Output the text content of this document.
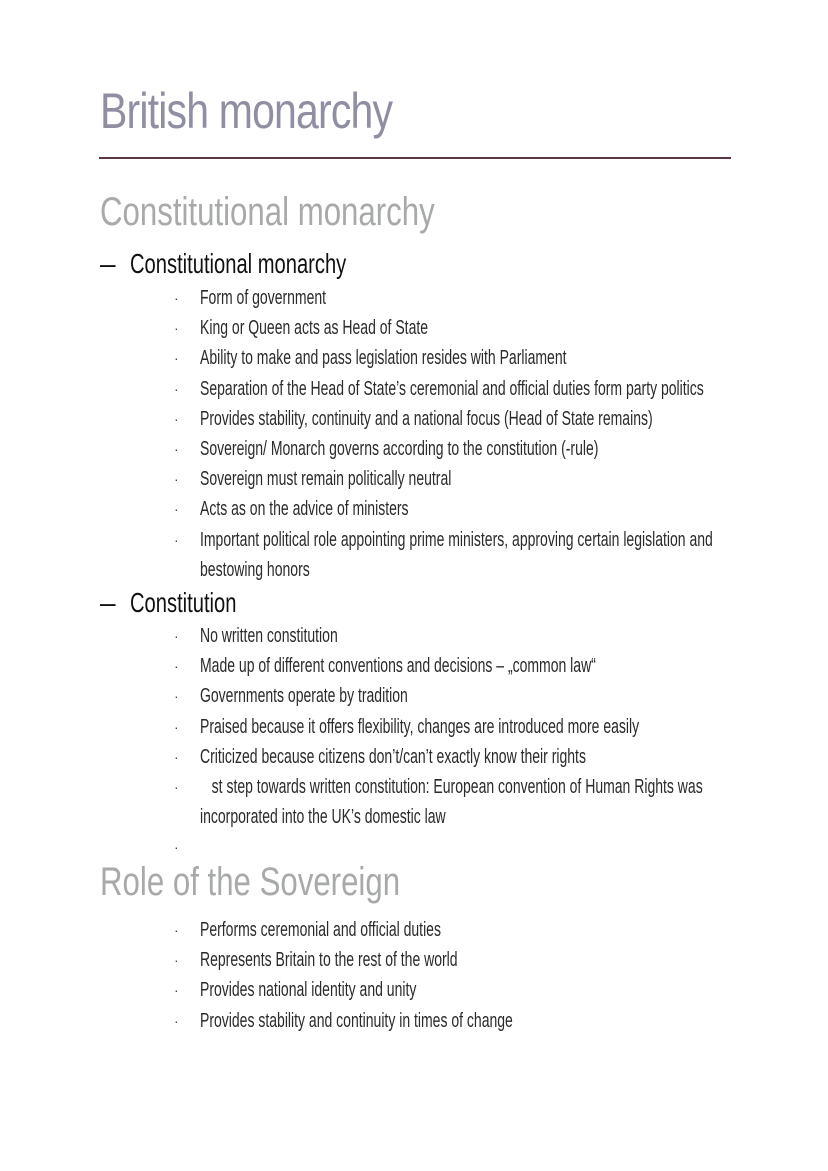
British monarchy
Constitutional monarchy
– Constitutional monarchy
· Form of government
· King or Queen acts as Head of State
· Ability to make and pass legislation resides with Parliament
· Separation of the Head of State’s ceremonial and official duties form party politics
· Provides stability, continuity and a national focus (Head of State remains)
· Sovereign/ Monarch governs according to the constitution (-rule)
· Sovereign must remain politically neutral
· Acts as on the advice of ministers
· Important political role appointing prime ministers, approving certain legislation and
bestowing honors
– Constitution
· No written constitution
· Made up of different conventions and decisions – „common law“
· Governments operate by tradition
· Praised because it offers flexibility, changes are introduced more easily
· Criticized because citizens don’t/can’t exactly know their rights
· st step towards written constitution: European convention of Human Rights was
incorporated into the UK’s domestic law
·
Role of the Sovereign
· Performs ceremonial and official duties
· Represents Britain to the rest of the world
· Provides national identity and unity
· Provides stability and continuity in times of change
